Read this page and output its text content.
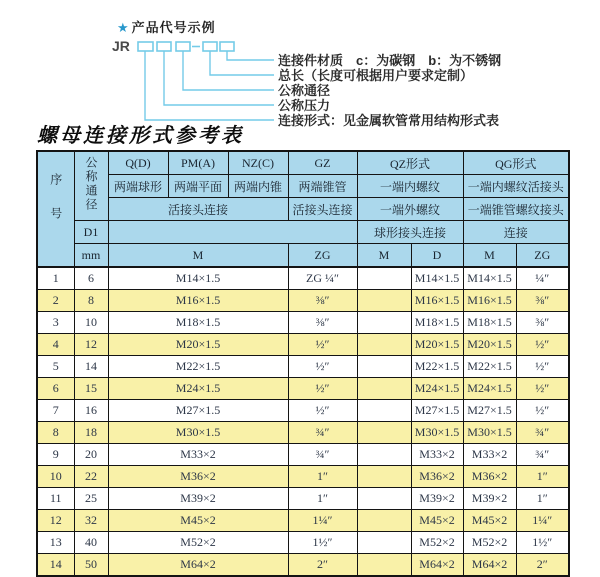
★ 产品代号示例
JR
连接件材质　c：为碳钢　b：为不锈钢
总长（长度可根据用户要求定制）
公称通径
公称压力
连接形式：见金属软管常用结构形式表
螺母连接形式参考表
序号	公称通径	Q(D)	PM(A)	NZ(C)	GZ	QZ形式		QG形式	
		两端球形	两端平面	两端内锥	两端锥管	一端内螺纹		一端内螺纹活接头	
		活接头连接			活接头连接	一端外螺纹		一端锥管螺纹接头	
	D1					球形接头连接		连接	
	mm	M			ZG	M	D	M	ZG
1	6	M14×1.5			ZG ¼″		M14×1.5	M14×1.5	¼″
2	8	M16×1.5			⅜″		M16×1.5	M16×1.5	⅜″
3	10	M18×1.5			⅜″		M18×1.5	M18×1.5	⅜″
4	12	M20×1.5			½″		M20×1.5	M20×1.5	½″
5	14	M22×1.5			½″		M22×1.5	M22×1.5	½″
6	15	M24×1.5			½″		M24×1.5	M24×1.5	½″
7	16	M27×1.5			½″		M27×1.5	M27×1.5	½″
8	18	M30×1.5			¾″		M30×1.5	M30×1.5	¾″
9	20	M33×2			¾″		M33×2	M33×2	¾″
10	22	M36×2			1″		M36×2	M36×2	1″
11	25	M39×2			1″		M39×2	M39×2	1″
12	32	M45×2			1¼″		M45×2	M45×2	1¼″
13	40	M52×2			1½″		M52×2	M52×2	1½″
14	50	M64×2			2″		M64×2	M64×2	2″
